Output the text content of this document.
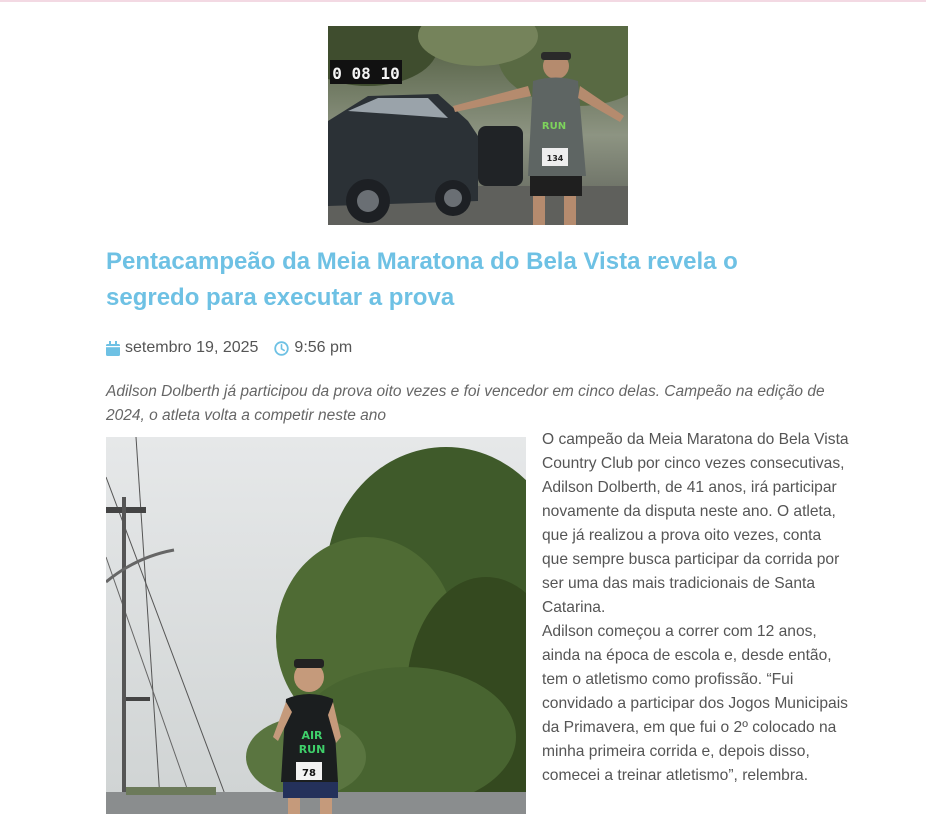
0 08 10
RUN
134
Pentacampeão da Meia Maratona do Bela Vista revela o segredo para executar a prova
setembro 19, 2025 9:56 pm

Adilson Dolberth já participou da prova oito vezes e foi vencedor em cinco delas. Campeão na edição de 2024, o atleta volta a competir neste ano

AIR
RUN
78

O campeão da Meia Maratona do Bela Vista Country Club por cinco vezes consecutivas, Adilson Dolberth, de 41 anos, irá participar novamente da disputa neste ano. O atleta, que já realizou a prova oito vezes, conta que sempre busca participar da corrida por ser uma das mais tradicionais de Santa Catarina.

Adilson começou a correr com 12 anos, ainda na época de escola e, desde então, tem o atletismo como profissão. “Fui convidado a participar dos Jogos Municipais da Primavera, em que fui o 2º colocado na minha primeira corrida e, depois disso, comecei a treinar atletismo”, relembra.
